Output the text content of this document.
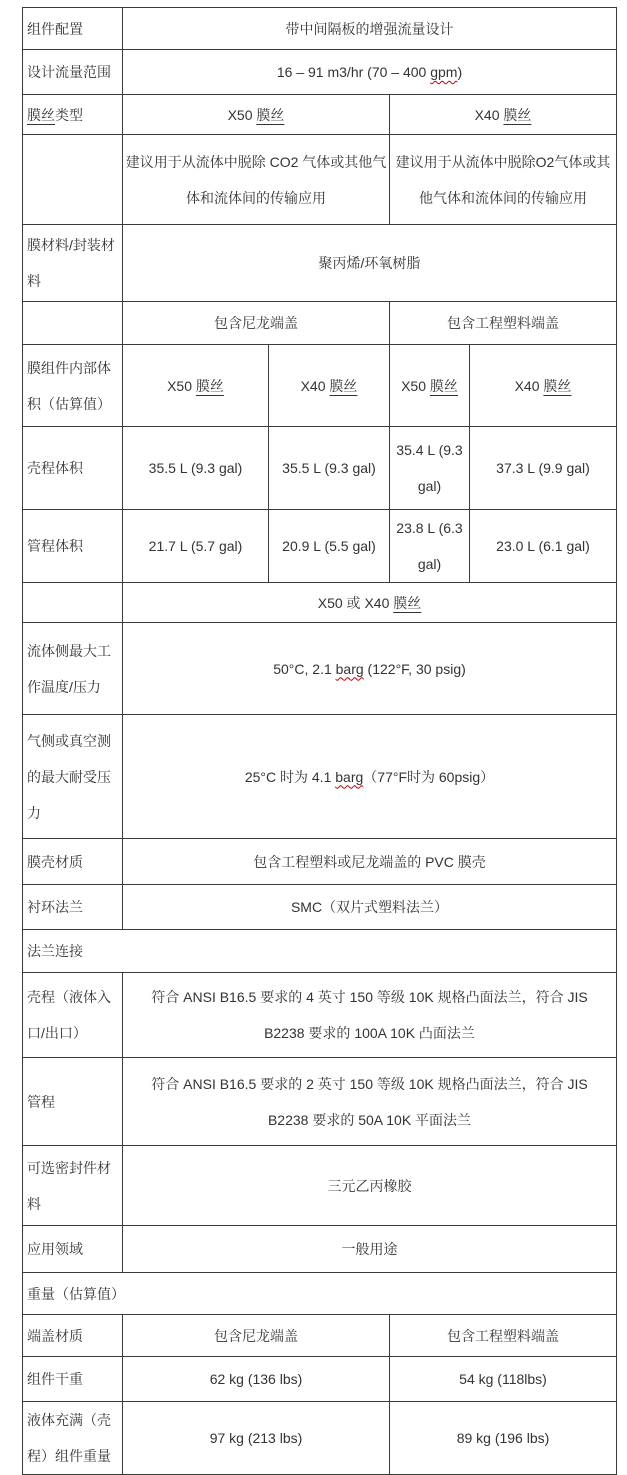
组件配置	带中间隔板的增强流量设计			
设计流量范围	16 – 91 m3/hr (70 – 400 gpm)			
膜丝类型	X50 膜丝		X40 膜丝	
	建议用于从流体中脱除 CO2 气体或其他气体和流体间的传输应用		建议用于从流体中脱除O2气体或其他气体和流体间的传输应用	
膜材料/封装材料	聚丙烯/环氧树脂			
	包含尼龙端盖		包含工程塑料端盖	
膜组件内部体积（估算值）	X50 膜丝	X40 膜丝	X50 膜丝	X40 膜丝
壳程体积	35.5 L (9.3 gal)	35.5 L (9.3 gal)	35.4 L (9.3 gal)	37.3 L (9.9 gal)
管程体积	21.7 L (5.7 gal)	20.9 L (5.5 gal)	23.8 L (6.3 gal)	23.0 L (6.1 gal)
	X50 或 X40 膜丝			
流体侧最大工作温度/压力	50°C, 2.1 barg (122°F, 30 psig)			
气侧或真空测的最大耐受压力	25°C 时为 4.1 barg（77°F时为 60psig）			
膜壳材质	包含工程塑料或尼龙端盖的 PVC 膜壳			
衬环法兰	SMC（双片式塑料法兰）			
法兰连接				
壳程（液体入口/出口）	符合 ANSI B16.5 要求的 4 英寸 150 等级 10K 规格凸面法兰，符合 JIS B2238 要求的 100A 10K 凸面法兰			
管程	符合 ANSI B16.5 要求的 2 英寸 150 等级 10K 规格凸面法兰，符合 JIS B2238 要求的 50A 10K 平面法兰			
可选密封件材料	三元乙丙橡胶			
应用领域	一般用途			
重量（估算值）				
端盖材质	包含尼龙端盖		包含工程塑料端盖	
组件干重	62 kg (136 lbs)		54 kg (118lbs)	
液体充满（壳程）组件重量	97 kg (213 lbs)		89 kg (196 lbs)	
